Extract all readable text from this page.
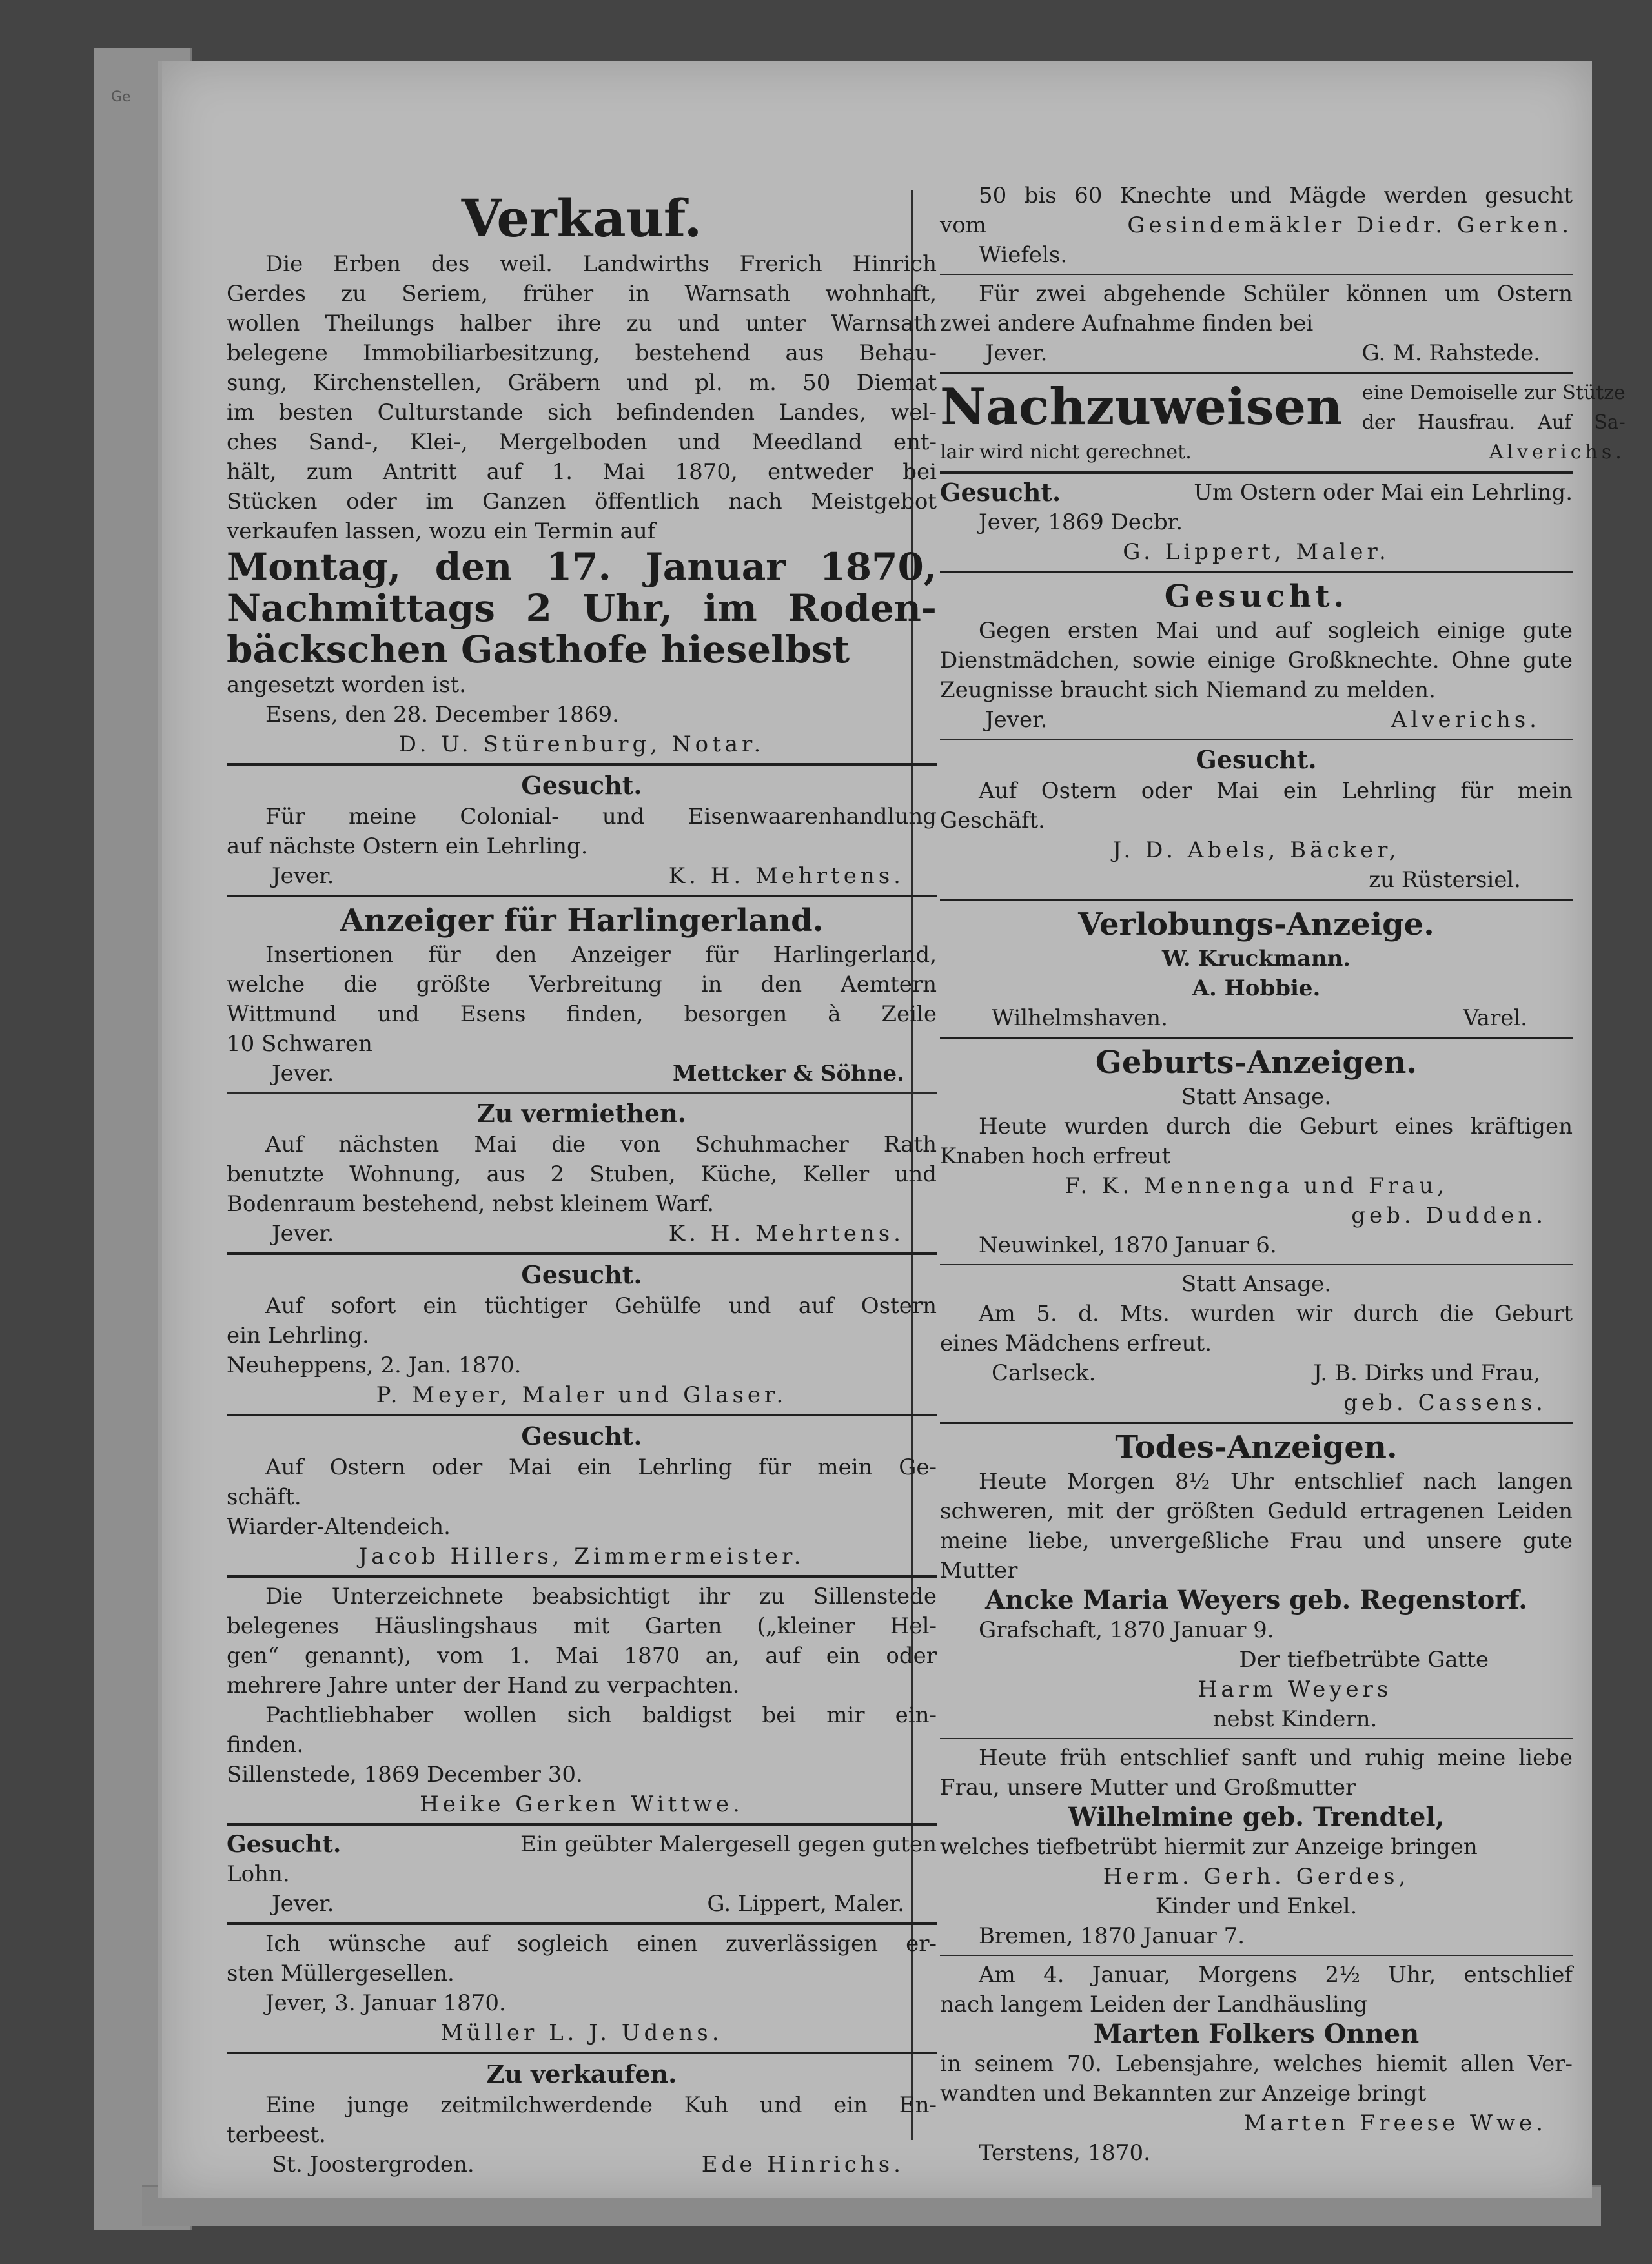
Ge
Verkauf.
Die Erben des weil. Landwirths Frerich Hinrich
Gerdes zu Seriem, früher in Warnsath wohnhaft,
wollen Theilungs halber ihre zu und unter Warnsath
belegene Immobiliarbesitzung, bestehend aus Behau-
sung, Kirchenstellen, Gräbern und pl. m. 50 Diemat
im besten Culturstande sich befindenden Landes, wel-
ches Sand-, Klei-, Mergelboden und Meedland ent-
hält, zum Antritt auf 1. Mai 1870, entweder bei
Stücken oder im Ganzen öffentlich nach Meistgebot
verkaufen lassen, wozu ein Termin auf
Montag, den 17. Januar 1870,
Nachmittags 2 Uhr, im Roden-
bäckschen Gasthofe hieselbst
angesetzt worden ist.
Esens, den 28. December 1869.
D. U. Stürenburg, Notar.
Gesucht.
Für meine Colonial- und Eisenwaarenhandlung
auf nächste Ostern ein Lehrling.
Jever.	K. H. Mehrtens.
Anzeiger für Harlingerland.
Insertionen für den Anzeiger für Harlingerland,
welche die größte Verbreitung in den Aemtern
Wittmund und Esens finden, besorgen à Zeile
10 Schwaren
Jever.	Mettcker & Söhne.
Zu vermiethen.
Auf nächsten Mai die von Schuhmacher Rath
benutzte Wohnung, aus 2 Stuben, Küche, Keller und
Bodenraum bestehend, nebst kleinem Warf.
Jever.	K. H. Mehrtens.
Gesucht.
Auf sofort ein tüchtiger Gehülfe und auf Ostern
ein Lehrling.
Neuheppens, 2. Jan. 1870.
P. Meyer, Maler und Glaser.
Gesucht.
Auf Ostern oder Mai ein Lehrling für mein Ge-
schäft.
Wiarder-Altendeich.
Jacob Hillers, Zimmermeister.
Die Unterzeichnete beabsichtigt ihr zu Sillenstede
belegenes Häuslingshaus mit Garten („kleiner Hel-
gen“ genannt), vom 1. Mai 1870 an, auf ein oder
mehrere Jahre unter der Hand zu verpachten.
Pachtliebhaber wollen sich baldigst bei mir ein-
finden.
Sillenstede, 1869 December 30.
Heike Gerken Wittwe.
Gesucht.	Ein geübter Malergesell gegen guten
Lohn.
Jever.	G. Lippert, Maler.
Ich wünsche auf sogleich einen zuverlässigen er-
sten Müllergesellen.
Jever, 3. Januar 1870.
Müller L. J. Udens.
Zu verkaufen.
Eine junge zeitmilchwerdende Kuh und ein En-
terbeest.
St. Joostergroden.	Ede Hinrichs.
50 bis 60 Knechte und Mägde werden gesucht
vom	Gesindemäkler Diedr. Gerken.
Wiefels.
Für zwei abgehende Schüler können um Ostern
zwei andere Aufnahme finden bei
Jever.	G. M. Rahstede.
Nachzuweisen eine Demoiselle zur Stütze
der Hausfrau. Auf Sa-
Alverichs.
lair wird nicht gerechnet.
Gesucht.	Um Ostern oder Mai ein Lehrling.
Jever, 1869 Decbr.
G. Lippert, Maler.
Gesucht.
Gegen ersten Mai und auf sogleich einige gute
Dienstmädchen, sowie einige Großknechte. Ohne gute
Zeugnisse braucht sich Niemand zu melden.
Jever.	Alverichs.
Gesucht.
Auf Ostern oder Mai ein Lehrling für mein
Geschäft.
J. D. Abels, Bäcker,
zu Rüstersiel.
Verlobungs-Anzeige.
W. Kruckmann.
A. Hobbie.
Wilhelmshaven.	Varel.
Geburts-Anzeigen.
Statt Ansage.
Heute wurden durch die Geburt eines kräftigen
Knaben hoch erfreut
F. K. Mennenga und Frau,
geb. Dudden.
Neuwinkel, 1870 Januar 6.
Statt Ansage.
Am 5. d. Mts. wurden wir durch die Geburt
eines Mädchens erfreut.
Carlseck.	J. B. Dirks und Frau,
geb. Cassens.
Todes-Anzeigen.
Heute Morgen 8½ Uhr entschlief nach langen
schweren, mit der größten Geduld ertragenen Leiden
meine liebe, unvergeßliche Frau und unsere gute
Mutter
Ancke Maria Weyers geb. Regenstorf.
Grafschaft, 1870 Januar 9.
Der tiefbetrübte Gatte
Harm Weyers
nebst Kindern.
Heute früh entschlief sanft und ruhig meine liebe
Frau, unsere Mutter und Großmutter
Wilhelmine geb. Trendtel,
welches tiefbetrübt hiermit zur Anzeige bringen
Herm. Gerh. Gerdes,
Kinder und Enkel.
Bremen, 1870 Januar 7.
Am 4. Januar, Morgens 2½ Uhr, entschlief
nach langem Leiden der Landhäusling
Marten Folkers Onnen
in seinem 70. Lebensjahre, welches hiemit allen Ver-
wandten und Bekannten zur Anzeige bringt
Marten Freese Wwe.
Terstens, 1870.
